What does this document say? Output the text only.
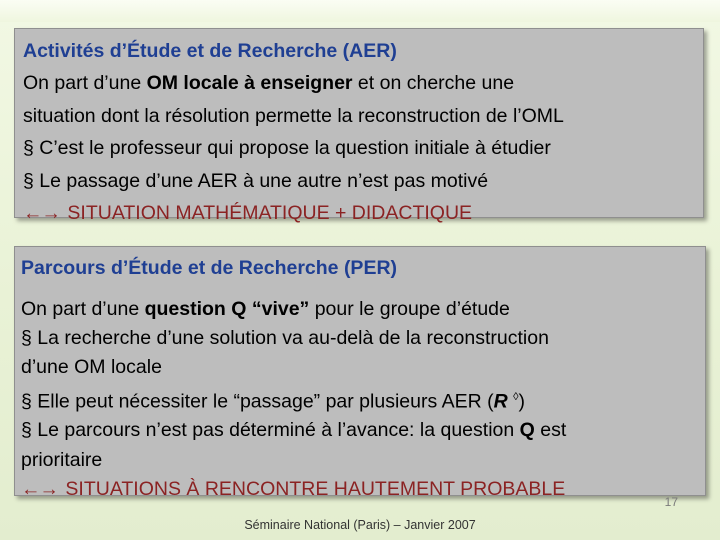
Activités d’Étude et de Recherche (AER)
On part d’une OM locale à enseigner et on cherche une
situation dont la résolution permette la reconstruction de l’OML
§ C’est le professeur qui propose la question initiale à étudier
§ Le passage d’une AER à une autre n’est pas motivé
←→ SITUATION MATHÉMATIQUE + DIDACTIQUE
Parcours d’Étude et de Recherche (PER)
On part d’une question Q “vive” pour le groupe d’étude
§ La recherche d’une solution va au-delà de la reconstruction
d’une OM locale
§ Elle peut nécessiter le “passage” par plusieurs AER (R ◊)
§ Le parcours n’est pas déterminé à l’avance: la question Q est
prioritaire
←→ SITUATIONS À RENCONTRE HAUTEMENT PROBABLE
17
Séminaire National (Paris) – Janvier 2007
